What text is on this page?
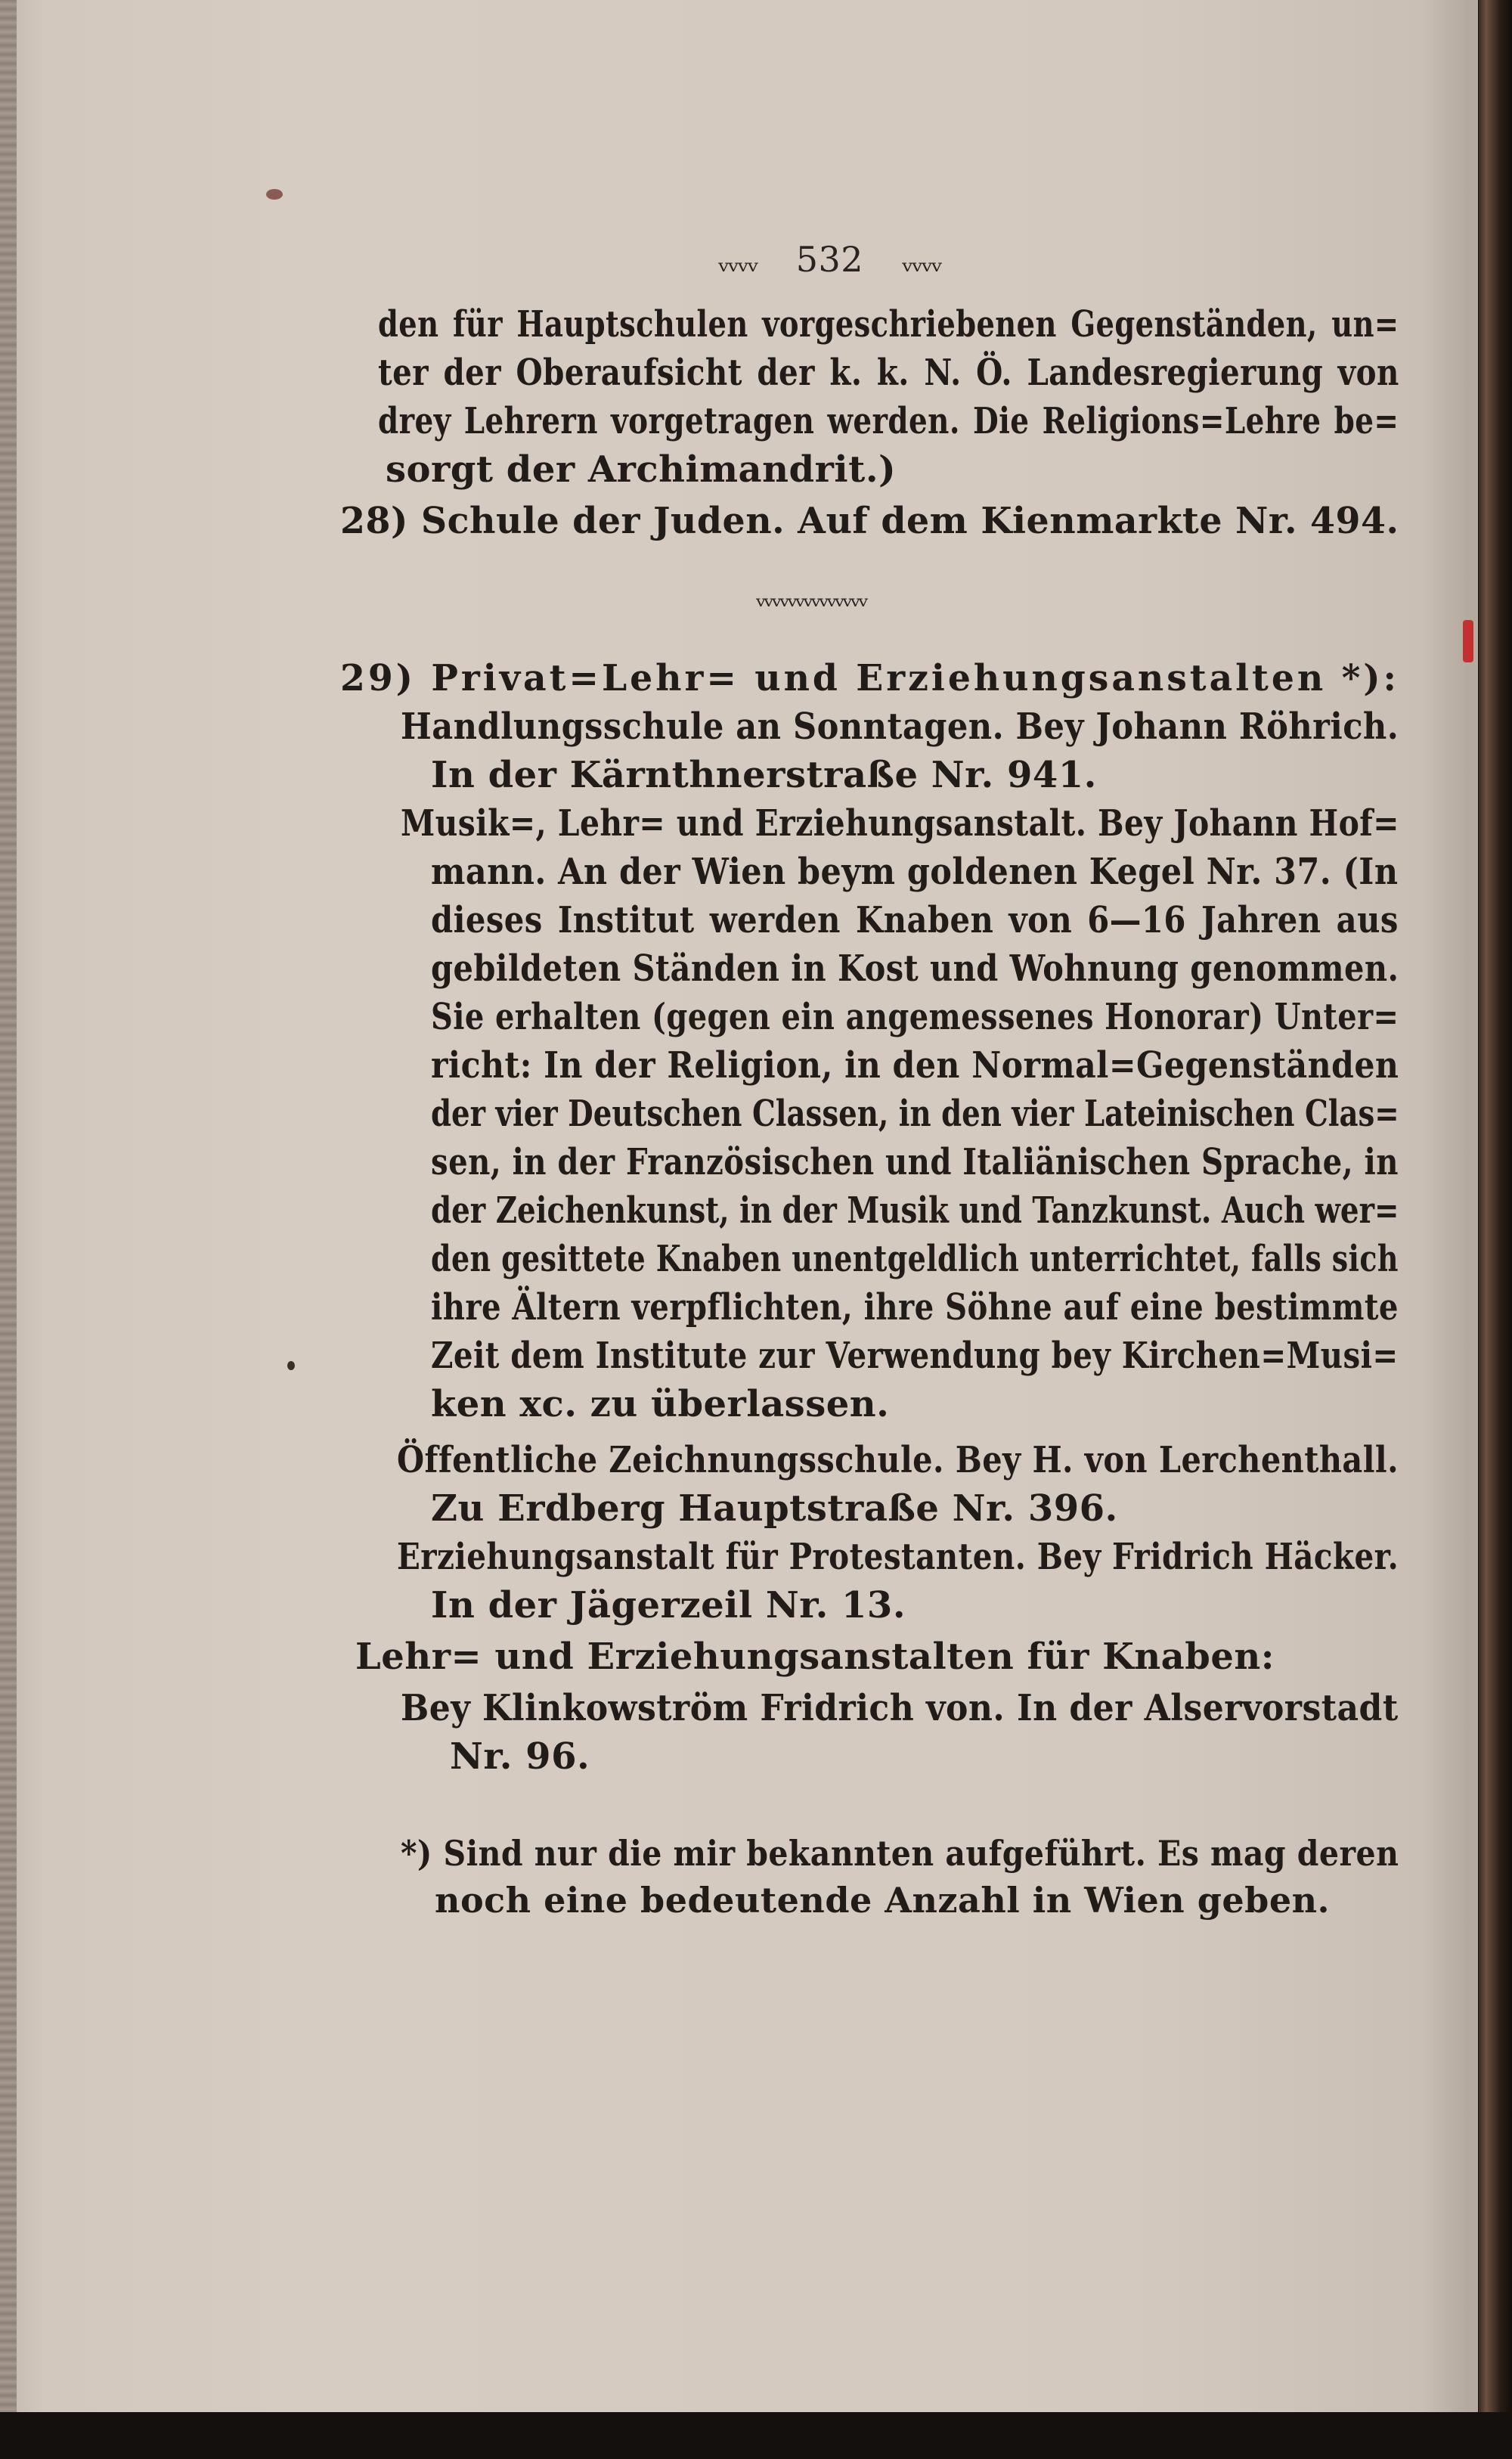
ᵥᵥᵥᵥ 532 ᵥᵥᵥᵥ
den für Hauptschulen vorgeschriebenen Gegenständen, un=
ter der Oberaufsicht der k. k. N. Ö. Landesregierung von
drey Lehrern vorgetragen werden. Die Religions=Lehre be=
sorgt der Archimandrit.)
28) Schule der Juden. Auf dem Kienmarkte Nr. 494.
ᵥᵥᵥᵥᵥᵥᵥᵥᵥᵥᵥᵥᵥᵥ
29) Privat=Lehr= und Erziehungsanstalten *):
Handlungsschule an Sonntagen. Bey Johann Röhrich.
In der Kärnthnerstraße Nr. 941.
Musik=, Lehr= und Erziehungsanstalt. Bey Johann Hof=
mann. An der Wien beym goldenen Kegel Nr. 37. (In
dieses Institut werden Knaben von 6—16 Jahren aus
gebildeten Ständen in Kost und Wohnung genommen.
Sie erhalten (gegen ein angemessenes Honorar) Unter=
richt: In der Religion, in den Normal=Gegenständen
der vier Deutschen Classen, in den vier Lateinischen Clas=
sen, in der Französischen und Italiänischen Sprache, in
der Zeichenkunst, in der Musik und Tanzkunst. Auch wer=
den gesittete Knaben unentgeldlich unterrichtet, falls sich
ihre Ältern verpflichten, ihre Söhne auf eine bestimmte
Zeit dem Institute zur Verwendung bey Kirchen=Musi=
ken xc. zu überlassen.
Öffentliche Zeichnungsschule. Bey H. von Lerchenthall.
Zu Erdberg Hauptstraße Nr. 396.
Erziehungsanstalt für Protestanten. Bey Fridrich Häcker.
In der Jägerzeil Nr. 13.
Lehr= und Erziehungsanstalten für Knaben:
Bey Klinkowström Fridrich von. In der Alservorstadt
Nr. 96.
*) Sind nur die mir bekannten aufgeführt. Es mag deren
noch eine bedeutende Anzahl in Wien geben.
